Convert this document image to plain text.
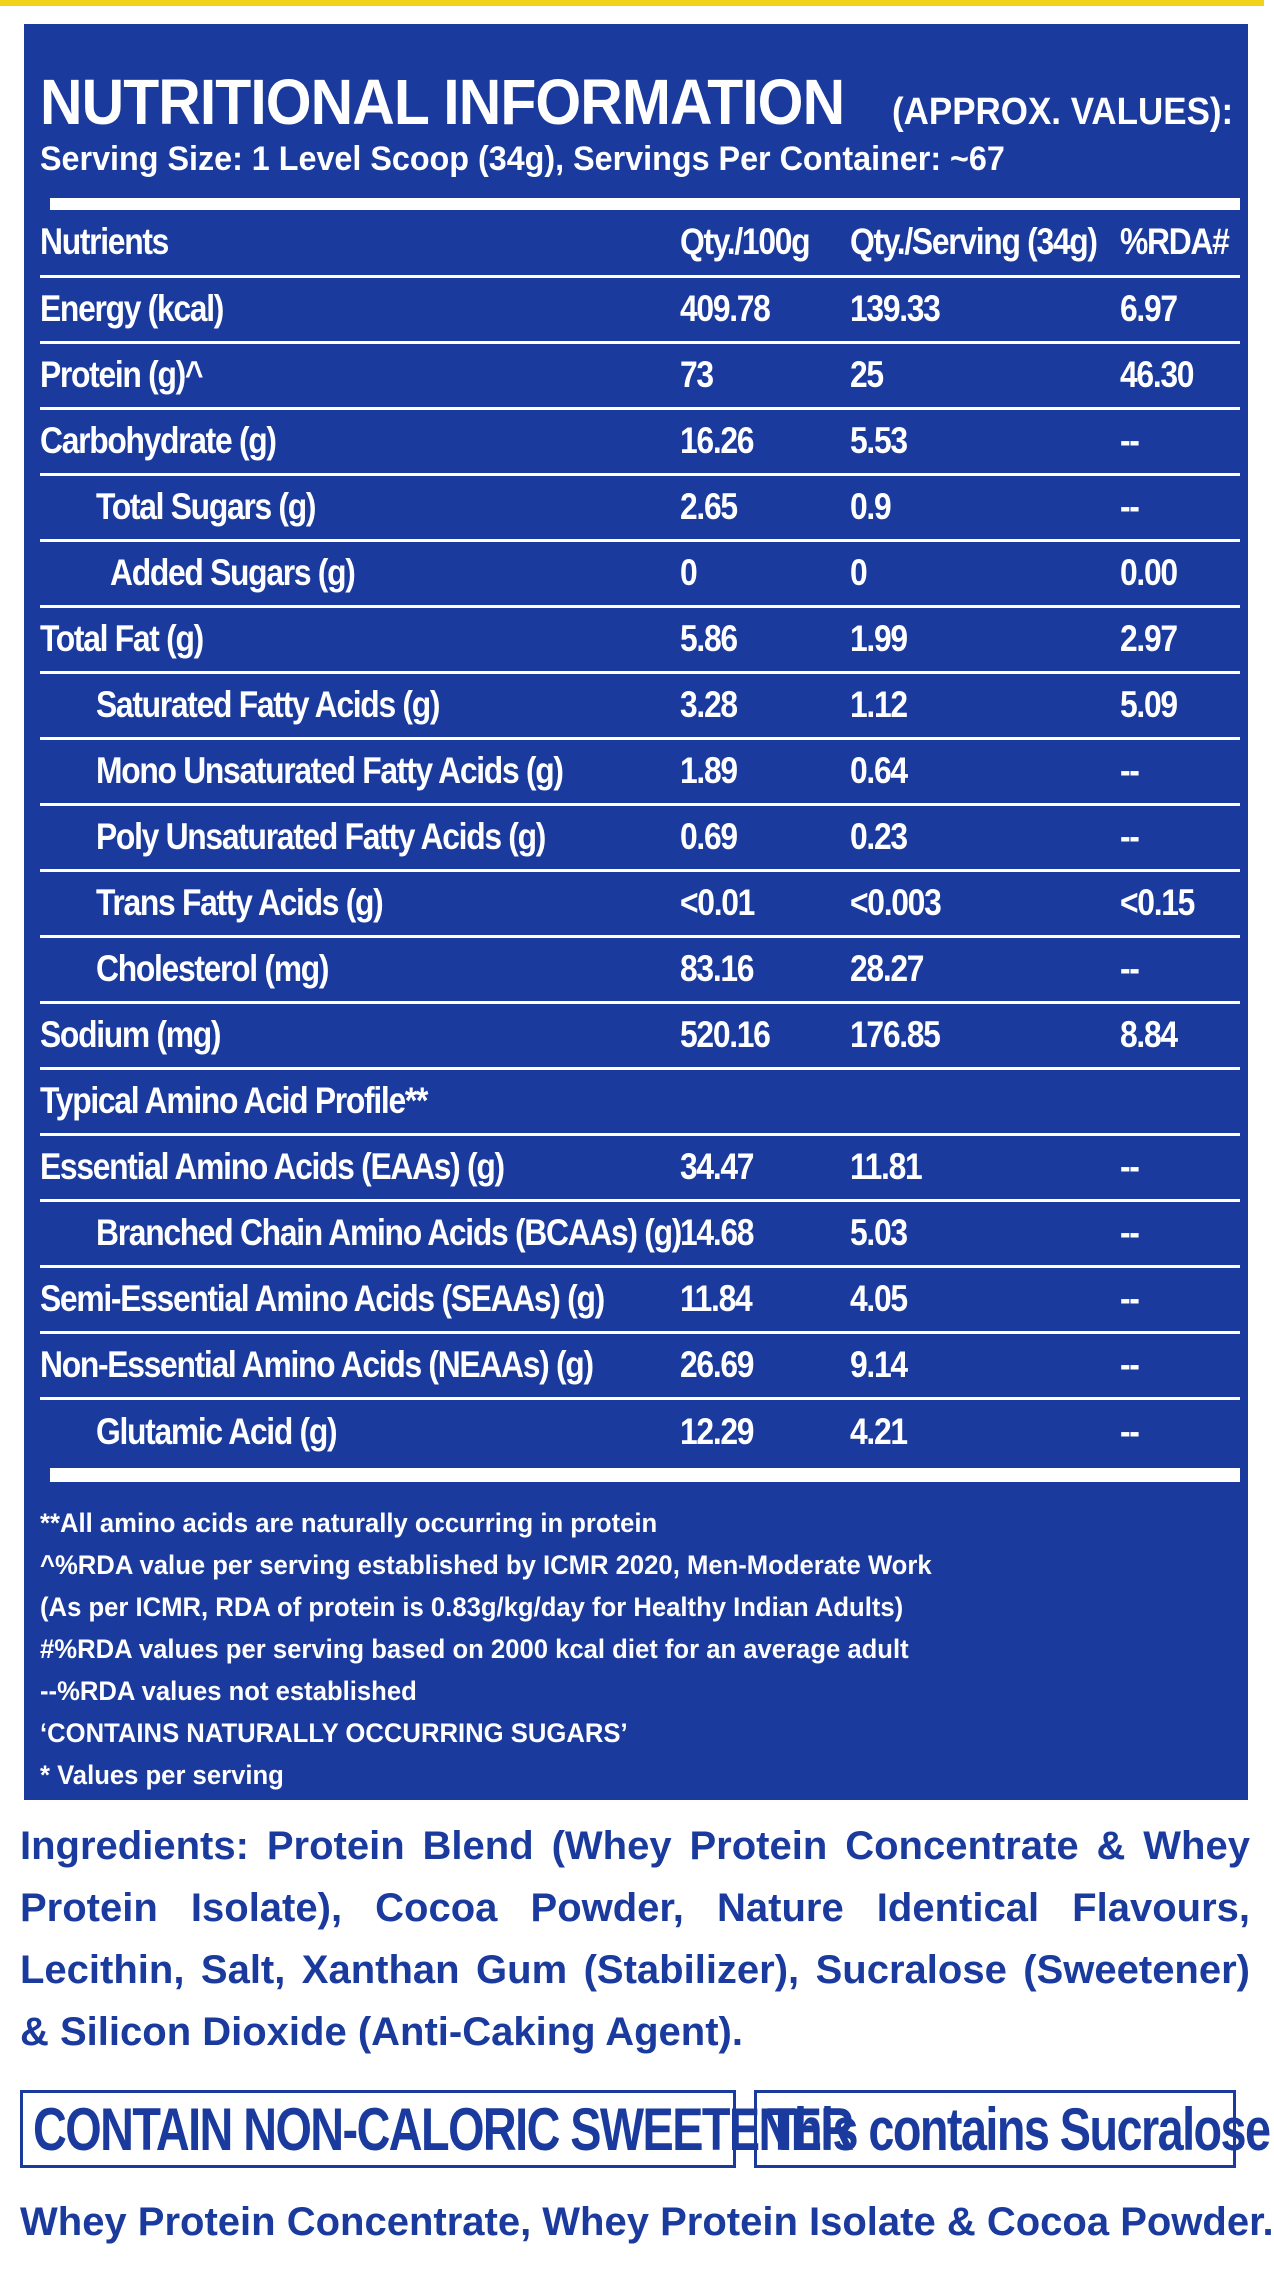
NUTRITIONAL INFORMATION (APPROX. VALUES):
Serving Size: 1 Level Scoop (34g), Servings Per Container: ~67
Nutrients	Qty./100g	Qty./Serving (34g)	%RDA#
Energy (kcal)	409.78	139.33	6.97
Protein (g)^	73	25	46.30
Carbohydrate (g)	16.26	5.53	--
Total Sugars (g)	2.65	0.9	--
Added Sugars (g)	0	0	0.00
Total Fat (g)	5.86	1.99	2.97
Saturated Fatty Acids (g)	3.28	1.12	5.09
Mono Unsaturated Fatty Acids (g)	1.89	0.64	--
Poly Unsaturated Fatty Acids (g)	0.69	0.23	--
Trans Fatty Acids (g)	<0.01	<0.003	<0.15
Cholesterol (mg)	83.16	28.27	--
Sodium (mg)	520.16	176.85	8.84
Typical Amino Acid Profile**			
Essential Amino Acids (EAAs) (g)	34.47	11.81	--
Branched Chain Amino Acids (BCAAs) (g)	14.68	5.03	--
Semi-Essential Amino Acids (SEAAs) (g)	11.84	4.05	--
Non-Essential Amino Acids (NEAAs) (g)	26.69	9.14	--
Glutamic Acid (g)	12.29	4.21	--
**All amino acids are naturally occurring in protein
^%RDA value per serving established by ICMR 2020, Men-Moderate Work
(As per ICMR, RDA of protein is 0.83g/kg/day for Healthy Indian Adults)
#%RDA values per serving based on 2000 kcal diet for an average adult
--%RDA values not established
‘CONTAINS NATURALLY OCCURRING SUGARS’
* Values per serving
Ingredients: Protein Blend (Whey Protein Concentrate & Whey Protein Isolate), Cocoa Powder, Nature Identical Flavours, Lecithin, Salt, Xanthan Gum (Stabilizer), Sucralose (Sweetener) & Silicon Dioxide (Anti-Caking Agent).
CONTAIN NON-CALORIC SWEETENER
This contains Sucralose
Whey Protein Concentrate, Whey Protein Isolate & Cocoa Powder.
